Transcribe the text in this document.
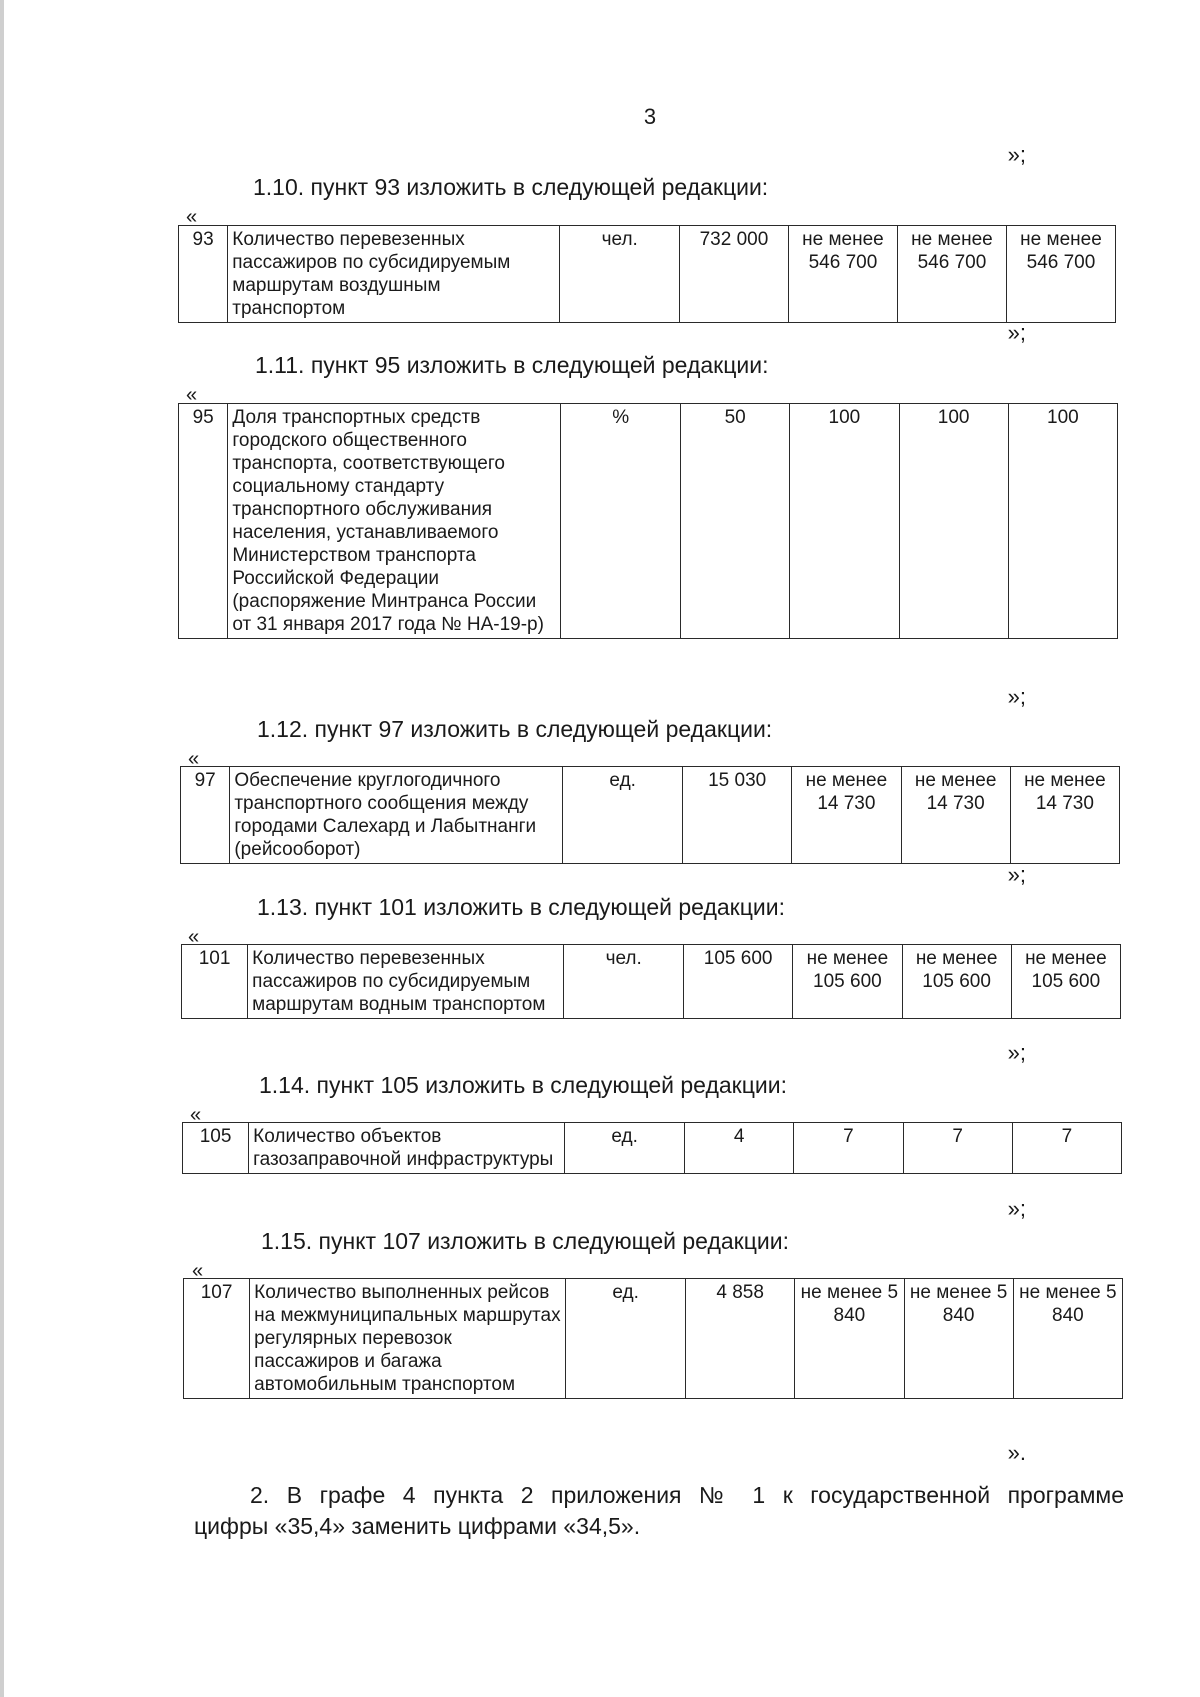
3
»;
1.10. пункт 93 изложить в следующей редакции:
«
93	Количество перевезенных пассажиров по субсидируемым маршрутам воздушным транспортом	чел.	732 000	не менее 546 700	не менее 546 700	не менее 546 700
»;
1.11. пункт 95 изложить в следующей редакции:
«
95	Доля транспортных средств городского общественного транспорта, соответствующего социальному стандарту транспортного обслуживания населения, устанавливаемого Министерством транспорта Российской Федерации (распоряжение Минтранса России от 31 января 2017 года № НА-19-р)	%	50	100	100	100
»;
1.12. пункт 97 изложить в следующей редакции:
«
97	Обеспечение круглогодичного транспортного сообщения между городами Салехард и Лабытнанги (рейсооборот)	ед.	15 030	не менее 14 730	не менее 14 730	не менее 14 730
»;
1.13. пункт 101 изложить в следующей редакции:
«
101	Количество перевезенных пассажиров по субсидируемым маршрутам водным транспортом	чел.	105 600	не менее 105 600	не менее 105 600	не менее 105 600
»;
1.14. пункт 105 изложить в следующей редакции:
«
105	Количество объектов газозаправочной инфраструктуры	ед.	4	7	7	7
»;
1.15. пункт 107 изложить в следующей редакции:
«
107	Количество выполненных рейсов на межмуниципальных маршрутах регулярных перевозок пассажиров и багажа автомобильным транспортом	ед.	4 858	не менее 5 840	не менее 5 840	не менее 5 840
».
2. В графе 4 пункта 2 приложения № 1 к государственной программе
цифры «35,4» заменить цифрами «34,5».
